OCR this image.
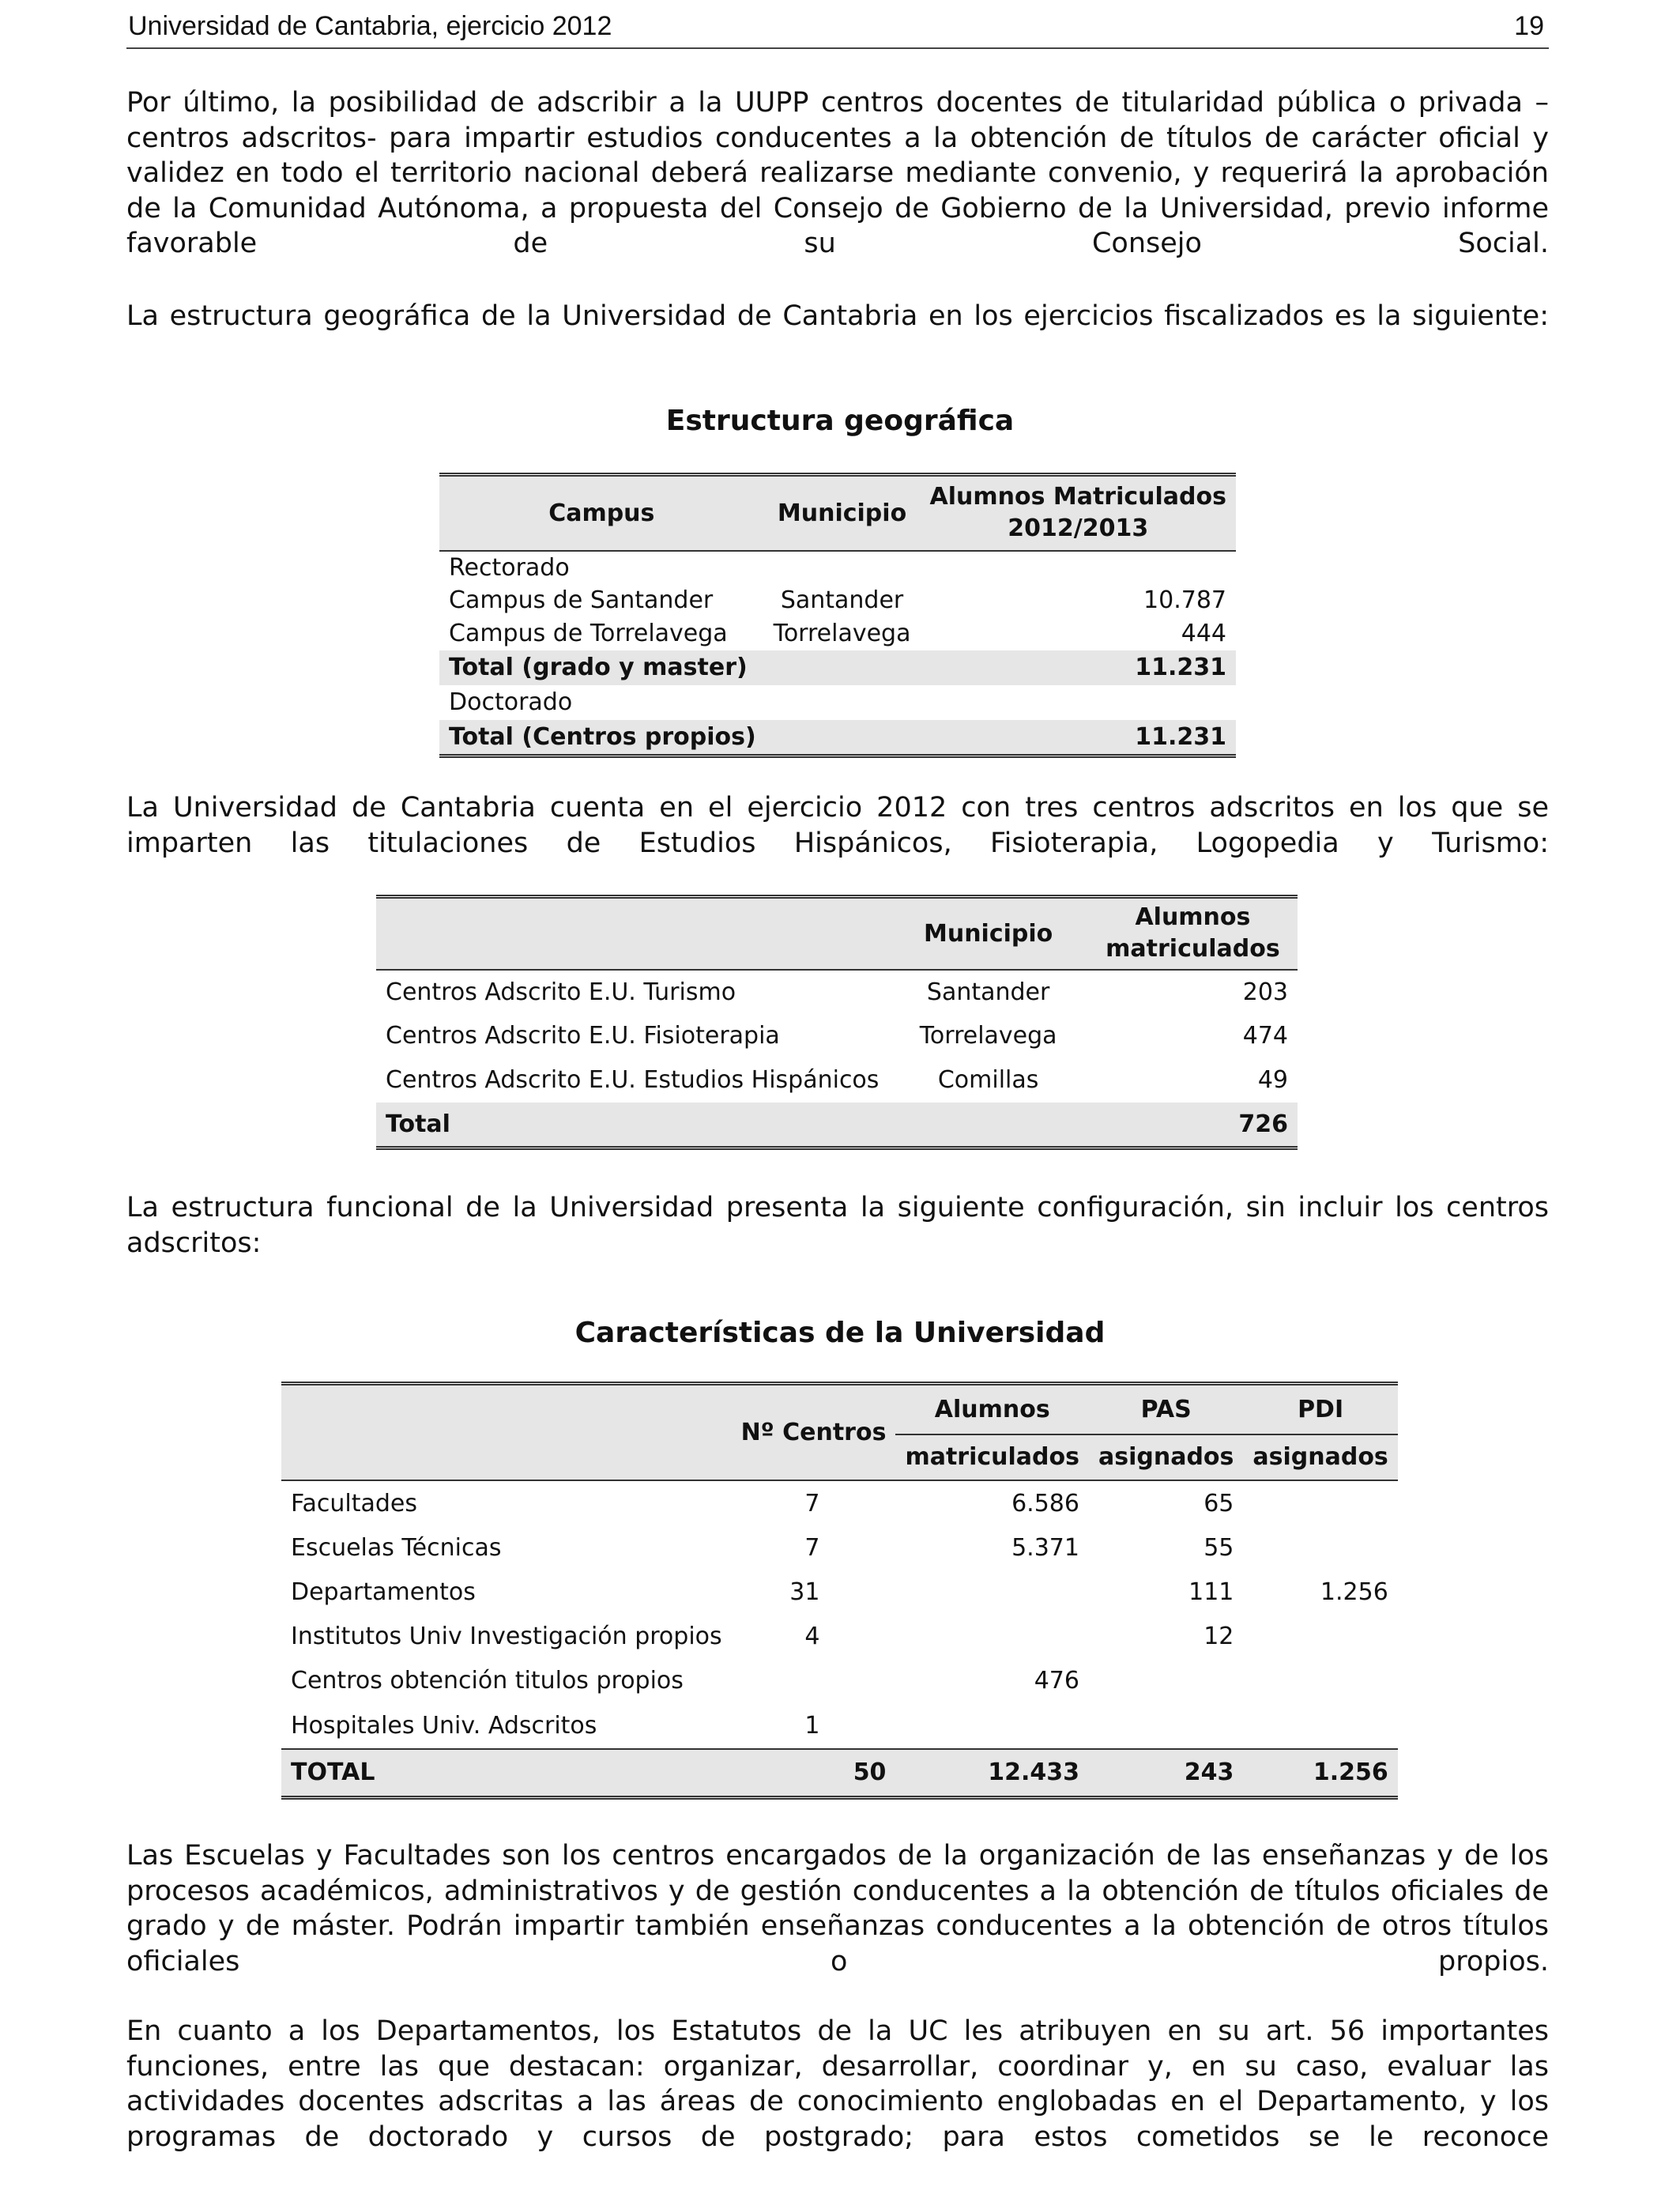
Universidad de Cantabria, ejercicio 2012	19
Por último, la posibilidad de adscribir a la UUPP centros docentes de titularidad pública o privada –centros adscritos- para impartir estudios conducentes a la obtención de títulos de carácter oficial y validez en todo el territorio nacional deberá realizarse mediante convenio, y requerirá la aprobación de la Comunidad Autónoma, a propuesta del Consejo de Gobierno de la Universidad, previo informe favorable de su Consejo Social.
La estructura geográfica de la Universidad de Cantabria en los ejercicios fiscalizados es la siguiente:
Estructura geográfica
Campus	Municipio	Alumnos Matriculados
2012/2013

Rectorado		
Campus de Santander	Santander	10.787
Campus de Torrelavega	Torrelavega	444
Total (grado y master)		11.231
Doctorado		
Total (Centros propios)		11.231
La Universidad de Cantabria cuenta en el ejercicio 2012 con tres centros adscritos en los que se imparten las titulaciones de Estudios Hispánicos, Fisioterapia, Logopedia y Turismo:
	Municipio	Alumnos
matriculados

Centros Adscrito E.U. Turismo	Santander	203
Centros Adscrito E.U. Fisioterapia	Torrelavega	474
Centros Adscrito E.U. Estudios Hispánicos	Comillas	49
Total		726
La estructura funcional de la Universidad presenta la siguiente configuración, sin incluir los centros adscritos:
Características de la Universidad
	Nº Centros	Alumnos	PAS	PDI
		matriculados	asignados	asignados
Facultades	7	6.586	65	
Escuelas Técnicas	7	5.371	55	
Departamentos	31		111	1.256
Institutos Univ Investigación propios	4		12	
Centros obtención titulos propios		476		
Hospitales Univ. Adscritos	1			
TOTAL	50	12.433	243	1.256
Las Escuelas y Facultades son los centros encargados de la organización de las enseñanzas y de los procesos académicos, administrativos y de gestión conducentes a la obtención de títulos oficiales de grado y de máster. Podrán impartir también enseñanzas conducentes a la obtención de otros títulos oficiales o propios.
En cuanto a los Departamentos, los Estatutos de la UC les atribuyen en su art. 56 importantes funciones, entre las que destacan: organizar, desarrollar, coordinar y, en su caso, evaluar las actividades docentes adscritas a las áreas de conocimiento englobadas en el Departamento, y los programas de doctorado y cursos de postgrado; para estos cometidos se le reconoce
